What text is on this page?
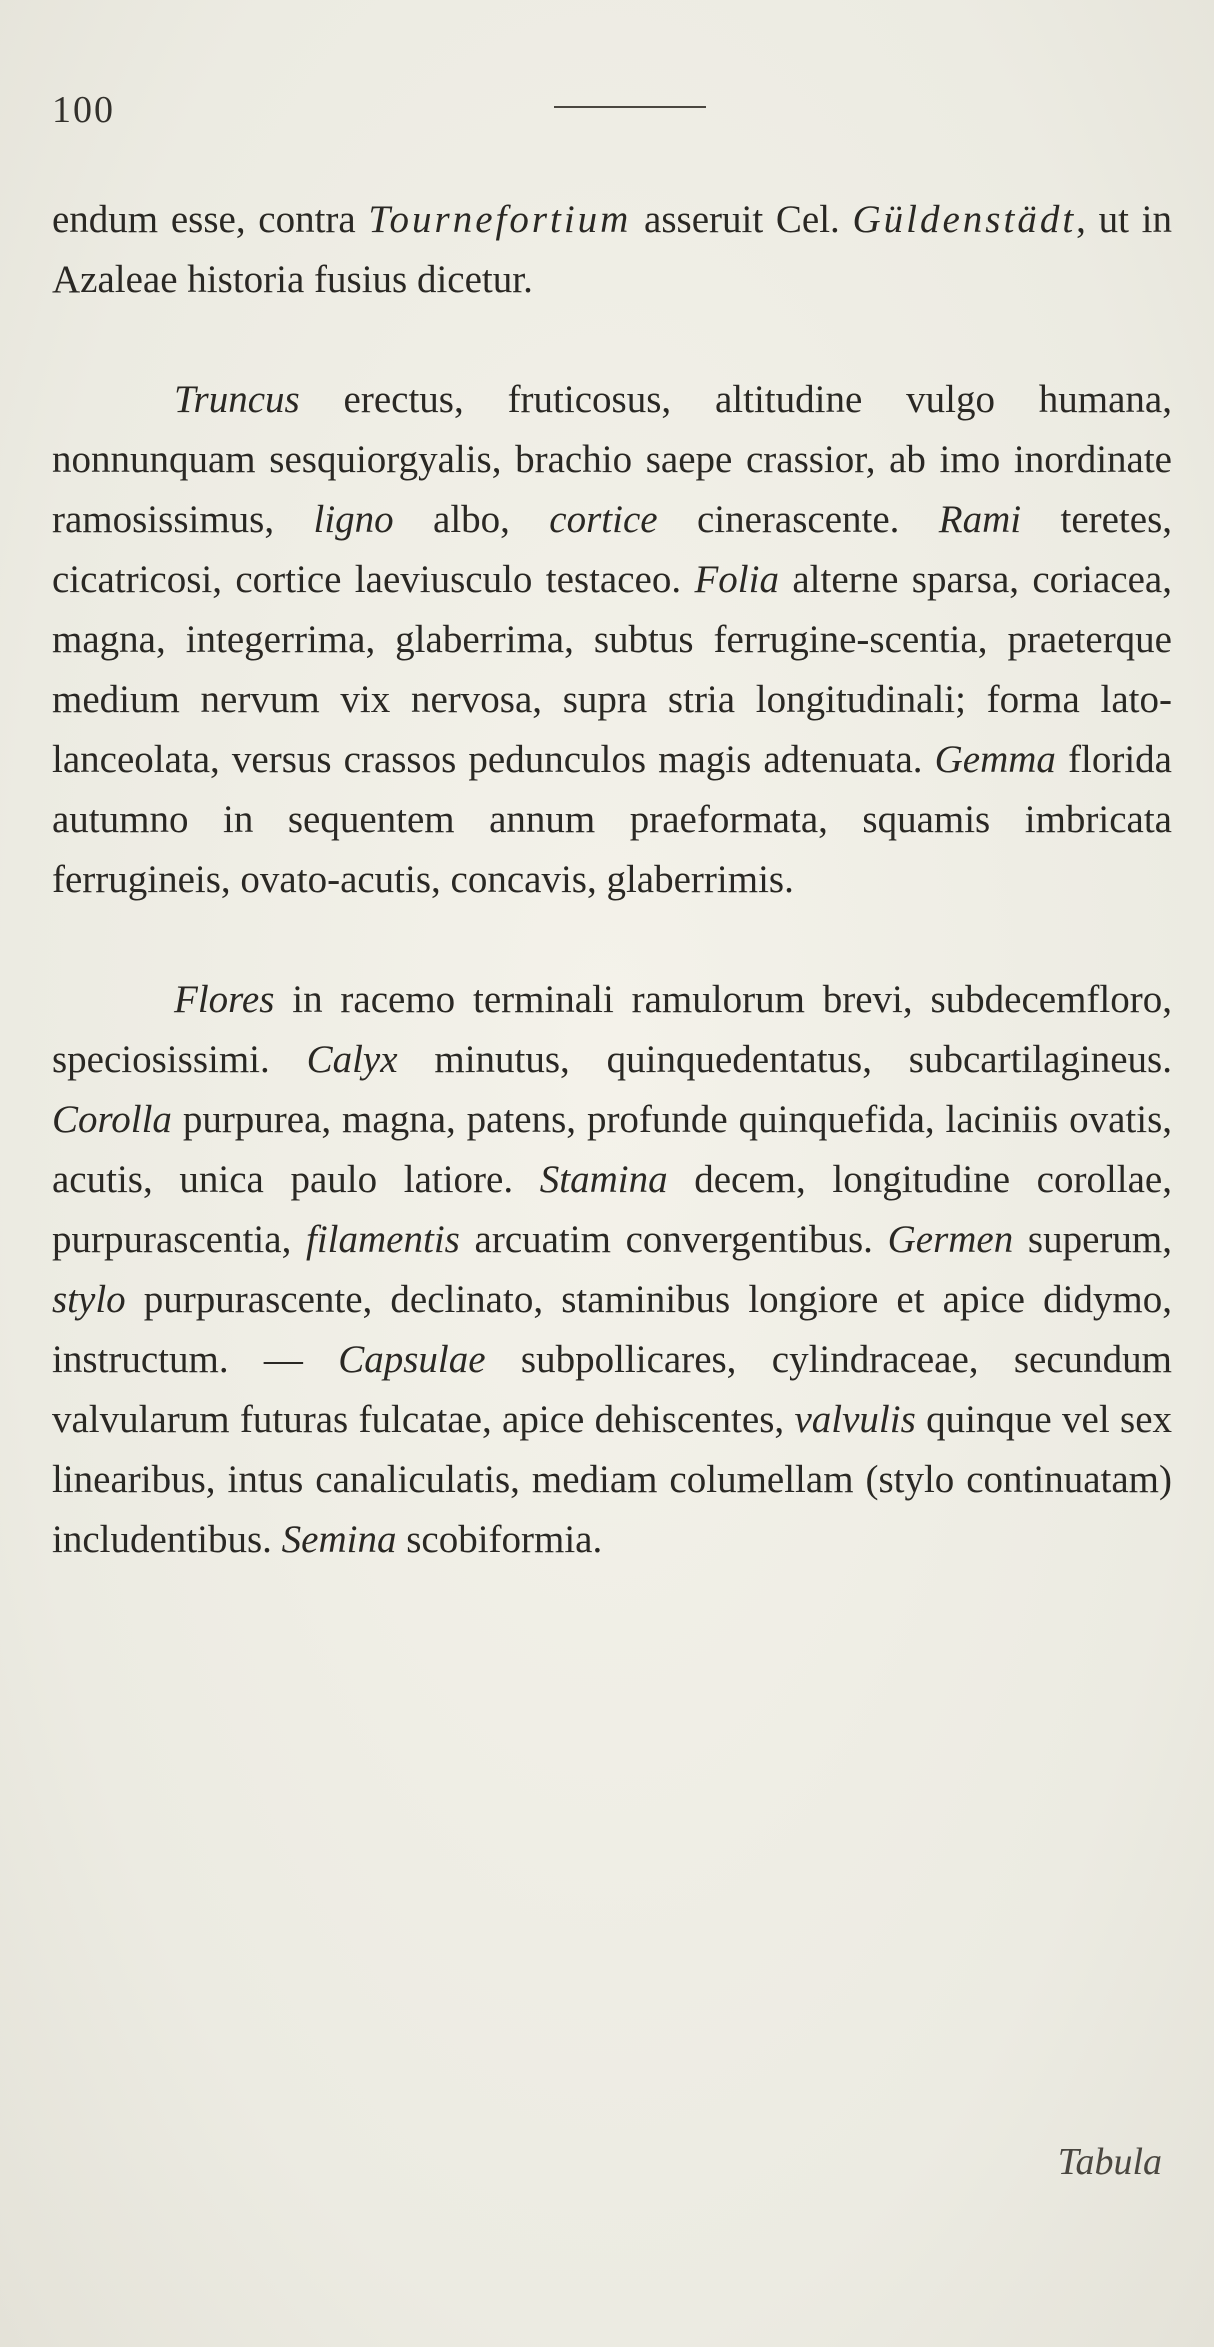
100

endum esse, contra Tournefortium asseruit Cel. Güldenstädt, ut in Azaleae historia fusius dicetur.

Truncus erectus, fruticosus, altitudine vulgo humana, nonnunquam sesquiorgyalis, brachio saepe crassior, ab imo inordinate ramosissimus, ligno albo, cortice cinerascente. Rami teretes, cicatricosi, cortice laeviusculo testaceo. Folia alterne sparsa, coriacea, magna, integerrima, glaberrima, subtus ferrugine-scentia, praeterque medium nervum vix nervosa, supra stria longitudinali; forma lato-lanceolata, versus crassos pedunculos magis adtenuata. Gemma florida autumno in sequentem annum praeformata, squamis imbricata ferrugineis, ovato-acutis, concavis, glaberrimis.

Flores in racemo terminali ramulorum brevi, subdecemfloro, speciosissimi. Calyx minutus, quinquedentatus, subcartilagineus. Corolla purpurea, magna, patens, profunde quinquefida, laciniis ovatis, acutis, unica paulo latiore. Stamina decem, longitudine corollae, purpurascentia, filamentis arcuatim convergentibus. Germen superum, stylo purpurascente, declinato, staminibus longiore et apice didymo, instructum. — Capsulae subpollicares, cylindraceae, secundum valvularum futuras fulcatae, apice dehiscentes, valvulis quinque vel sex linearibus, intus canaliculatis, mediam columellam (stylo continuatam) includentibus. Semina scobiformia.

Tabula
